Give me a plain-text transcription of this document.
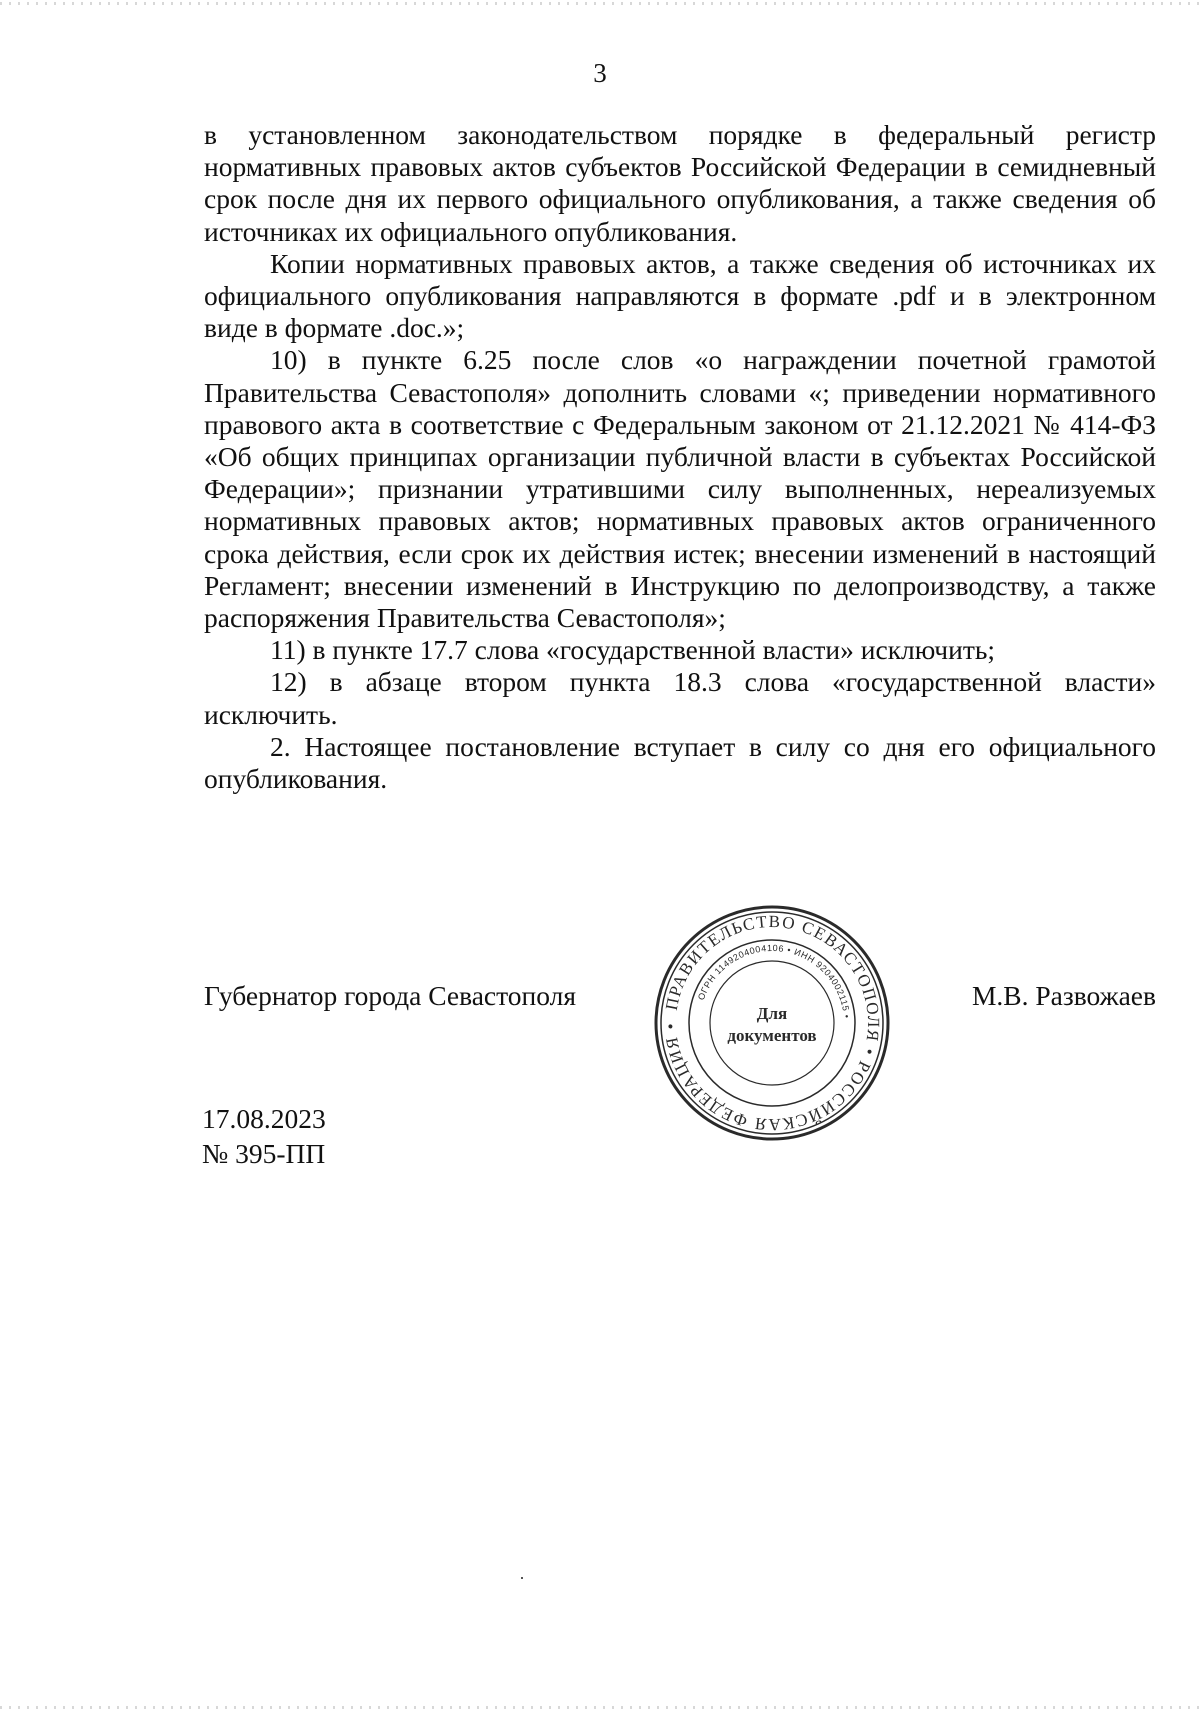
3

в установленном законодательством порядке в федеральный регистр нормативных правовых актов субъектов Российской Федерации в семидневный срок после дня их первого официального опубликования, а также сведения об источниках их официального опубликования.

Копии нормативных правовых актов, а также сведения об источниках их официального опубликования направляются в формате .pdf и в электронном виде в формате .doc.»;

10) в пункте 6.25 после слов «о награждении почетной грамотой Правительства Севастополя» дополнить словами «; приведении нормативного правового акта в соответствие с Федеральным законом от 21.12.2021 № 414-ФЗ «Об общих принципах организации публичной власти в субъектах Российской Федерации»; признании утратившими силу выполненных, нереализуемых нормативных правовых актов; нормативных правовых актов ограниченного срока действия, если срок их действия истек; внесении изменений в настоящий Регламент; внесении изменений в Инструкцию по делопроизводству, а также распоряжения Правительства Севастополя»;

11) в пункте 17.7 слова «государственной власти» исключить;

12) в абзаце втором пункта 18.3 слова «государственной власти» исключить.

2. Настоящее постановление вступает в силу со дня его официального опубликования.

Губернатор города Севастополя	ПРАВИТЕЛЬСТВО СЕВАСТОПОЛЯ • РОССИЙСКАЯ ФЕДЕРАЦИЯ •
ОГРН 1149204004106 • ИНН 9204002115 •
Для
документов
М.В. Развожаев
17.08.2023
№ 395-ПП
